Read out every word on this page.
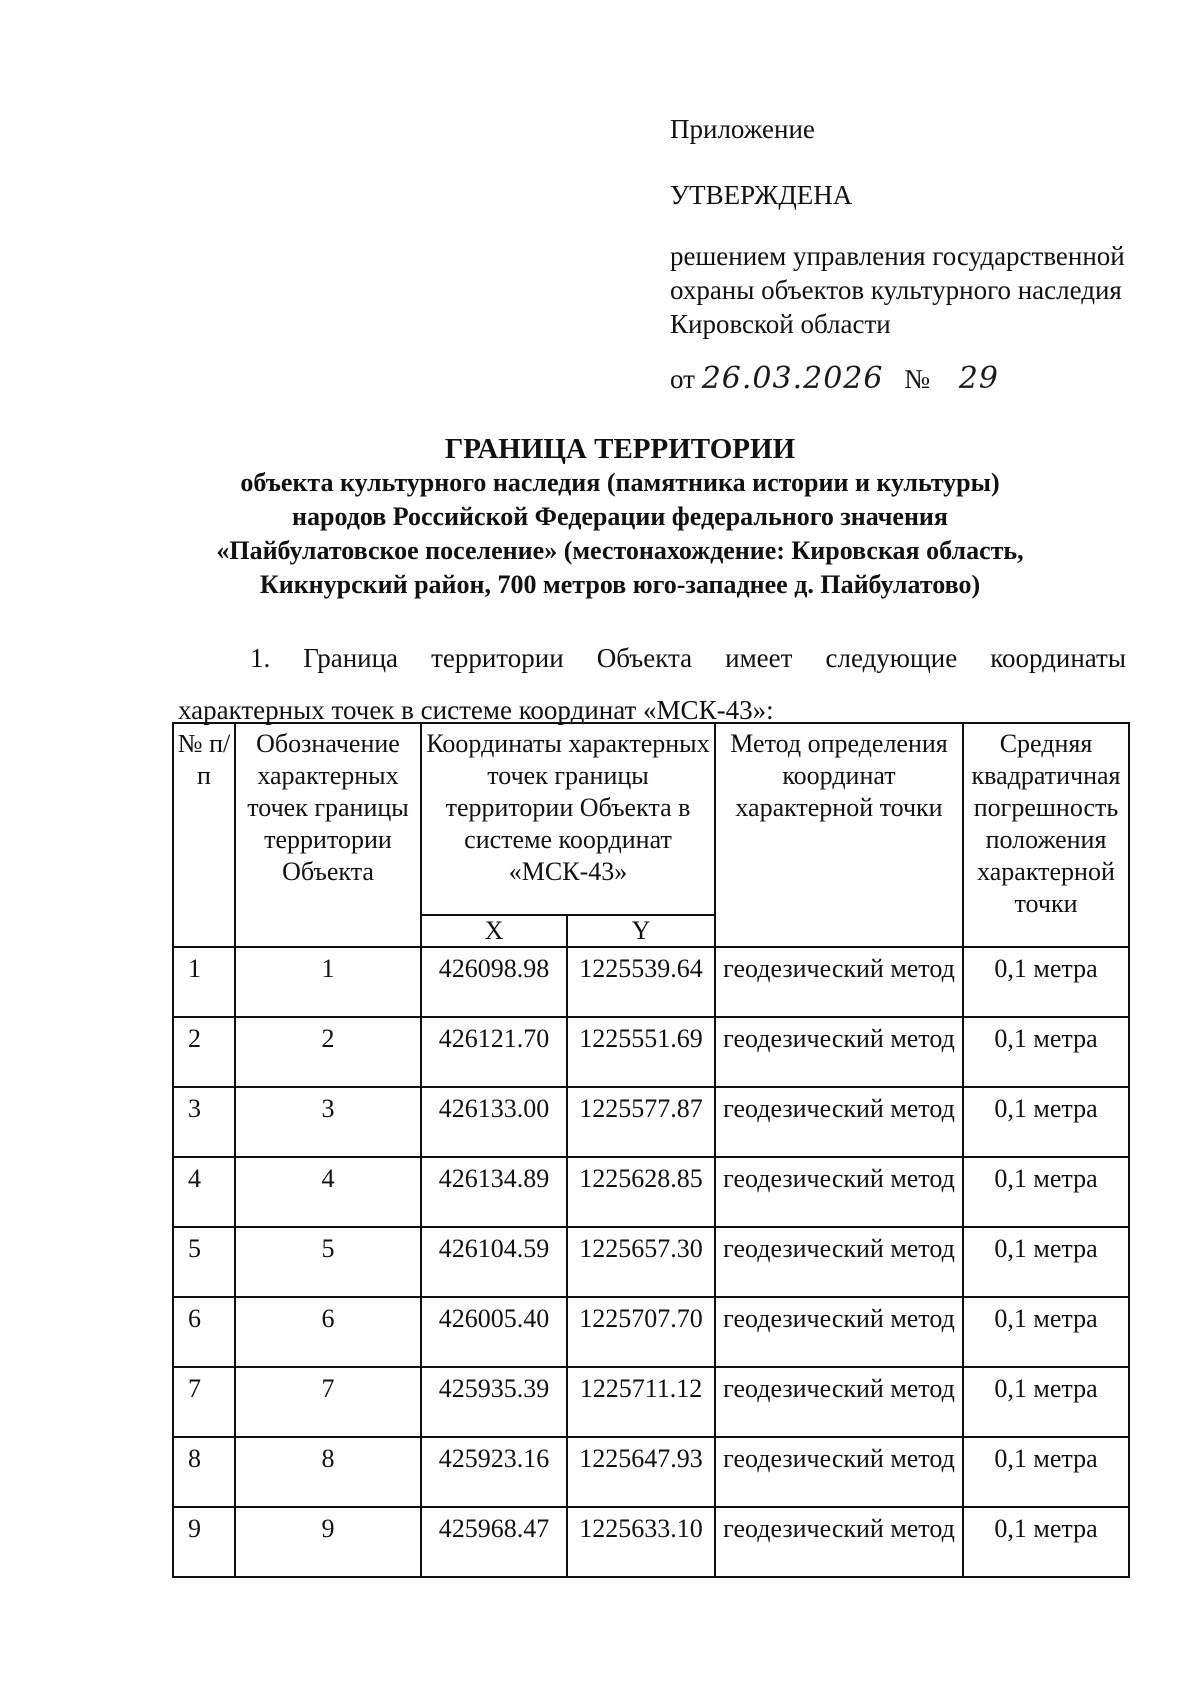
Приложение
УТВЕРЖДЕНА
решением управления государственной охраны объектов культурного наследия Кировской области
от 26.03.2026 № 29
ГРАНИЦА ТЕРРИТОРИИ
объекта культурного наследия (памятника истории и культуры)
народов Российской Федерации федерального значения
«Пайбулатовское поселение» (местонахождение: Кировская область,
Кикнурский район, 700 метров юго-западнее д. Пайбулатово)
1. Граница территории Объекта имеет следующие координаты
характерных точек в системе координат «МСК-43»:
№ п/п	Обозначение характерных точек границы территории Объекта	Координаты характерных точек границы территории Объекта в системе координат «МСК-43»		Метод определения координат характерной точки	Средняя квадратичная погрешность положения характерной точки
		X	Y		
1	1	426098.98	1225539.64	геодезический метод	0,1 метра
2	2	426121.70	1225551.69	геодезический метод	0,1 метра
3	3	426133.00	1225577.87	геодезический метод	0,1 метра
4	4	426134.89	1225628.85	геодезический метод	0,1 метра
5	5	426104.59	1225657.30	геодезический метод	0,1 метра
6	6	426005.40	1225707.70	геодезический метод	0,1 метра
7	7	425935.39	1225711.12	геодезический метод	0,1 метра
8	8	425923.16	1225647.93	геодезический метод	0,1 метра
9	9	425968.47	1225633.10	геодезический метод	0,1 метра
